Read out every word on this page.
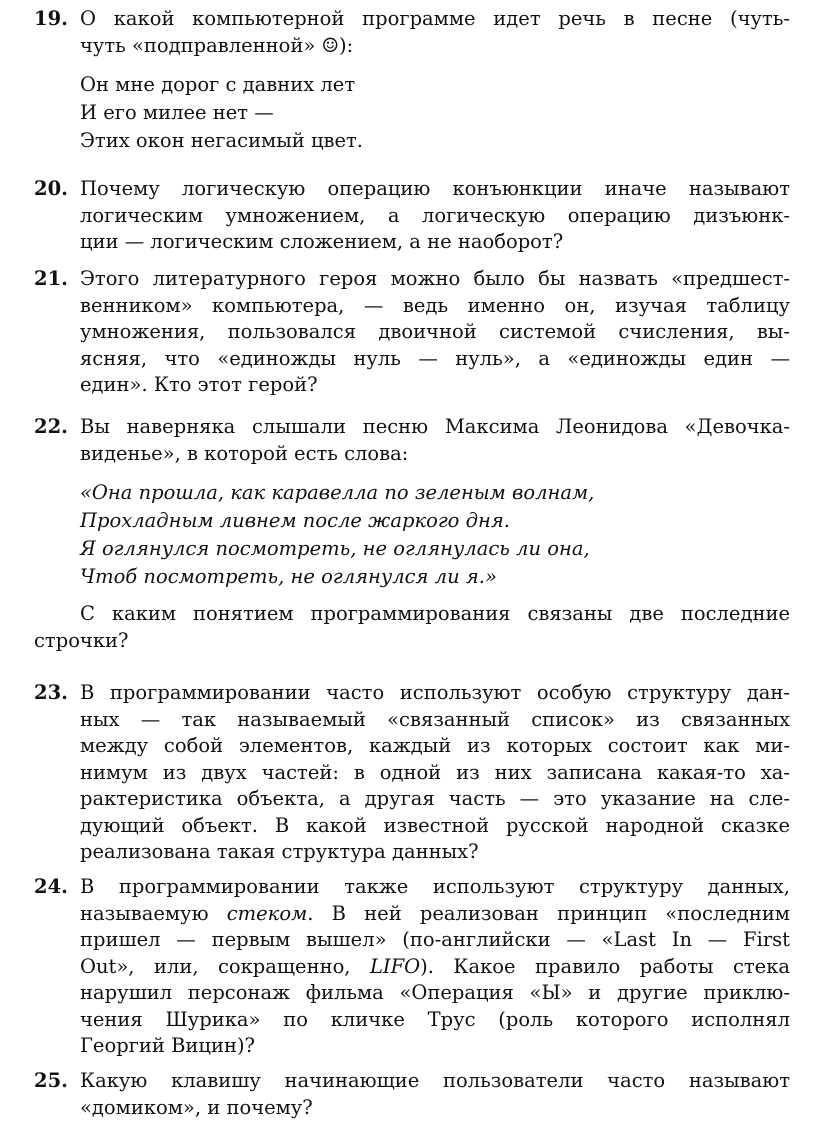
19. О какой компьютерной программе идет речь в песне (чуть-
чуть «подправленной» ☺):
Он мне дорог с давних лет
И его милее нет —
Этих окон негасимый цвет.
20. Почему логическую операцию конъюнкции иначе называют
логическим умножением, а логическую операцию дизъюнк-
ции — логическим сложением, а не наоборот?
21. Этого литературного героя можно было бы назвать «предшест-
венником» компьютера, — ведь именно он, изучая таблицу
умножения, пользовался двоичной системой счисления, вы-
ясняя, что «единожды нуль — нуль», а «единожды един —
един». Кто этот герой?
22. Вы наверняка слышали песню Максима Леонидова «Девочка-
виденье», в которой есть слова:
«Она прошла, как каравелла по зеленым волнам,
Прохладным ливнем после жаркого дня.
Я оглянулся посмотреть, не оглянулась ли она,
Чтоб посмотреть, не оглянулся ли я.»
С каким понятием программирования связаны две последние
строчки?
23. В программировании часто используют особую структуру дан-
ных — так называемый «связанный список» из связанных
между собой элементов, каждый из которых состоит как ми-
нимум из двух частей: в одной из них записана какая-то ха-
рактеристика объекта, а другая часть — это указание на сле-
дующий объект. В какой известной русской народной сказке
реализована такая структура данных?
24. В программировании также используют структуру данных,
называемую стеком. В ней реализован принцип «последним
пришел — первым вышел» (по-английски — «Last In — First
Out», или, сокращенно, LIFO). Какое правило работы стека
нарушил персонаж фильма «Операция «Ы» и другие приклю-
чения Шурика» по кличке Трус (роль которого исполнял
Георгий Вицин)?
25. Какую клавишу начинающие пользователи часто называют
«домиком», и почему?
